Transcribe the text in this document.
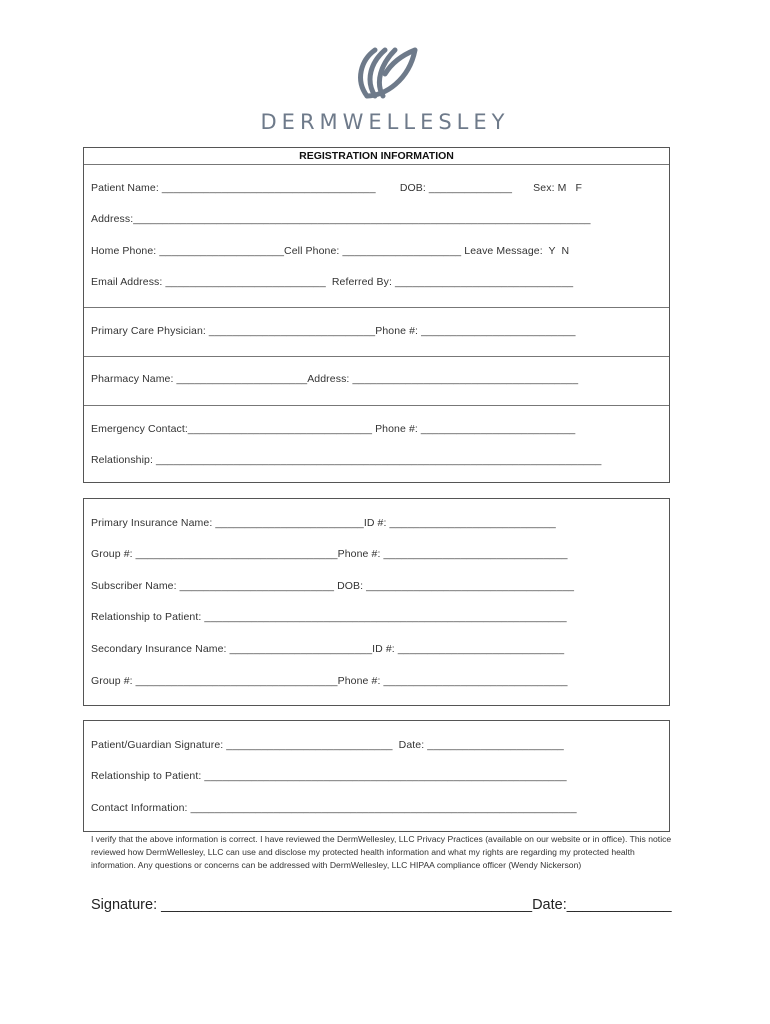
DERMWELLESLEY
REGISTRATION INFORMATION
Patient Name: ____________________________________        DOB: ______________       Sex: M   F
Address:_____________________________________________________________________________
Home Phone: _____________________Cell Phone: ____________________ Leave Message:  Y  N
Email Address: ___________________________  Referred By: ______________________________
Primary Care Physician: ____________________________Phone #: __________________________
Pharmacy Name: ______________________Address: ______________________________________
Emergency Contact:_______________________________ Phone #: __________________________
Relationship: ___________________________________________________________________________
Primary Insurance Name: _________________________ID #: ____________________________
Group #: __________________________________Phone #: _______________________________
Subscriber Name: __________________________ DOB: ___________________________________
Relationship to Patient: _____________________________________________________________
Secondary Insurance Name: ________________________ID #: ____________________________
Group #: __________________________________Phone #: _______________________________
Patient/Guardian Signature: ____________________________  Date: _______________________
Relationship to Patient: _____________________________________________________________
Contact Information: _________________________________________________________________
I verify that the above information is correct. I have reviewed the DermWellesley, LLC Privacy Practices (available on our website or in office). This notice reviewed how DermWellesley, LLC can use and disclose my protected health information and what my rights are regarding my protected health information. Any questions or concerns can be addressed with DermWellesley, LLC HIPAA compliance officer (Wendy Nickerson)
Signature: ______________________________________________Date:_____________
